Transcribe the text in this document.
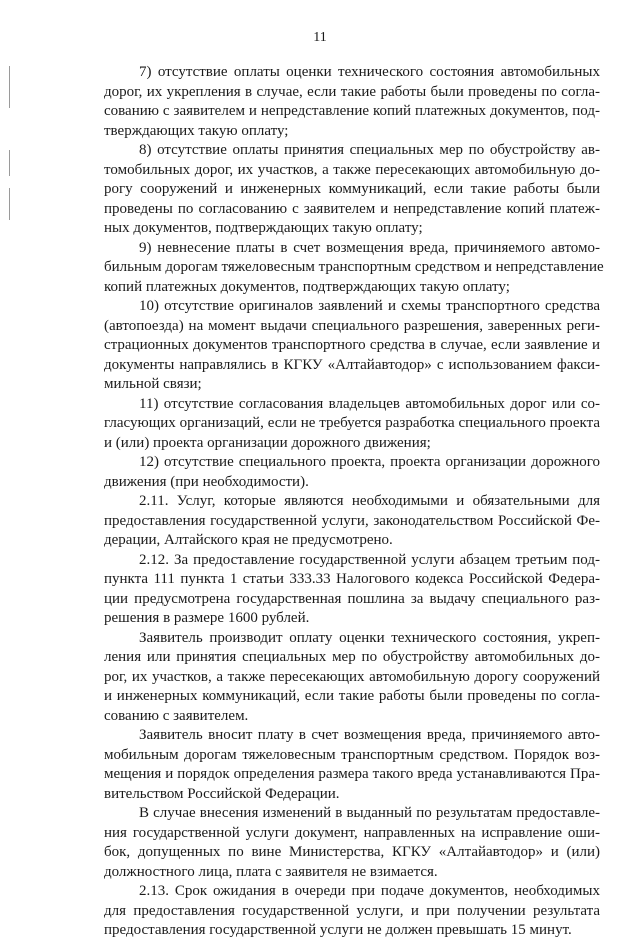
11
7) отсутствие оплаты оценки технического состояния автомобильных
дорог, их укрепления в случае, если такие работы были проведены по согла-
сованию с заявителем и непредставление копий платежных документов, под-
тверждающих такую оплату;
8) отсутствие оплаты принятия специальных мер по обустройству ав-
томобильных дорог, их участков, а также пересекающих автомобильную до-
рогу сооружений и инженерных коммуникаций, если такие работы были
проведены по согласованию с заявителем и непредставление копий платеж-
ных документов, подтверждающих такую оплату;
9) невнесение платы в счет возмещения вреда, причиняемого автомо-
бильным дорогам тяжеловесным транспортным средством и непредставление
копий платежных документов, подтверждающих такую оплату;
10) отсутствие оригиналов заявлений и схемы транспортного средства
(автопоезда) на момент выдачи специального разрешения, заверенных реги-
страционных документов транспортного средства в случае, если заявление и
документы направлялись в КГКУ «Алтайавтодор» с использованием факси-
мильной связи;
11) отсутствие согласования владельцев автомобильных дорог или со-
гласующих организаций, если не требуется разработка специального проекта
и (или) проекта организации дорожного движения;
12) отсутствие специального проекта, проекта организации дорожного
движения (при необходимости).
2.11. Услуг, которые являются необходимыми и обязательными для
предоставления государственной услуги, законодательством Российской Фе-
дерации, Алтайского края не предусмотрено.
2.12. За предоставление государственной услуги абзацем третьим под-
пункта 111 пункта 1 статьи 333.33 Налогового кодекса Российской Федера-
ции предусмотрена государственная пошлина за выдачу специального раз-
решения в размере 1600 рублей.
Заявитель производит оплату оценки технического состояния, укреп-
ления или принятия специальных мер по обустройству автомобильных до-
рог, их участков, а также пересекающих автомобильную дорогу сооружений
и инженерных коммуникаций, если такие работы были проведены по согла-
сованию с заявителем.
Заявитель вносит плату в счет возмещения вреда, причиняемого авто-
мобильным дорогам тяжеловесным транспортным средством. Порядок воз-
мещения и порядок определения размера такого вреда устанавливаются Пра-
вительством Российской Федерации.
В случае внесения изменений в выданный по результатам предоставле-
ния государственной услуги документ, направленных на исправление оши-
бок, допущенных по вине Министерства, КГКУ «Алтайавтодор» и (или)
должностного лица, плата с заявителя не взимается.
2.13. Срок ожидания в очереди при подаче документов, необходимых
для предоставления государственной услуги, и при получении результата
предоставления государственной услуги не должен превышать 15 минут.
